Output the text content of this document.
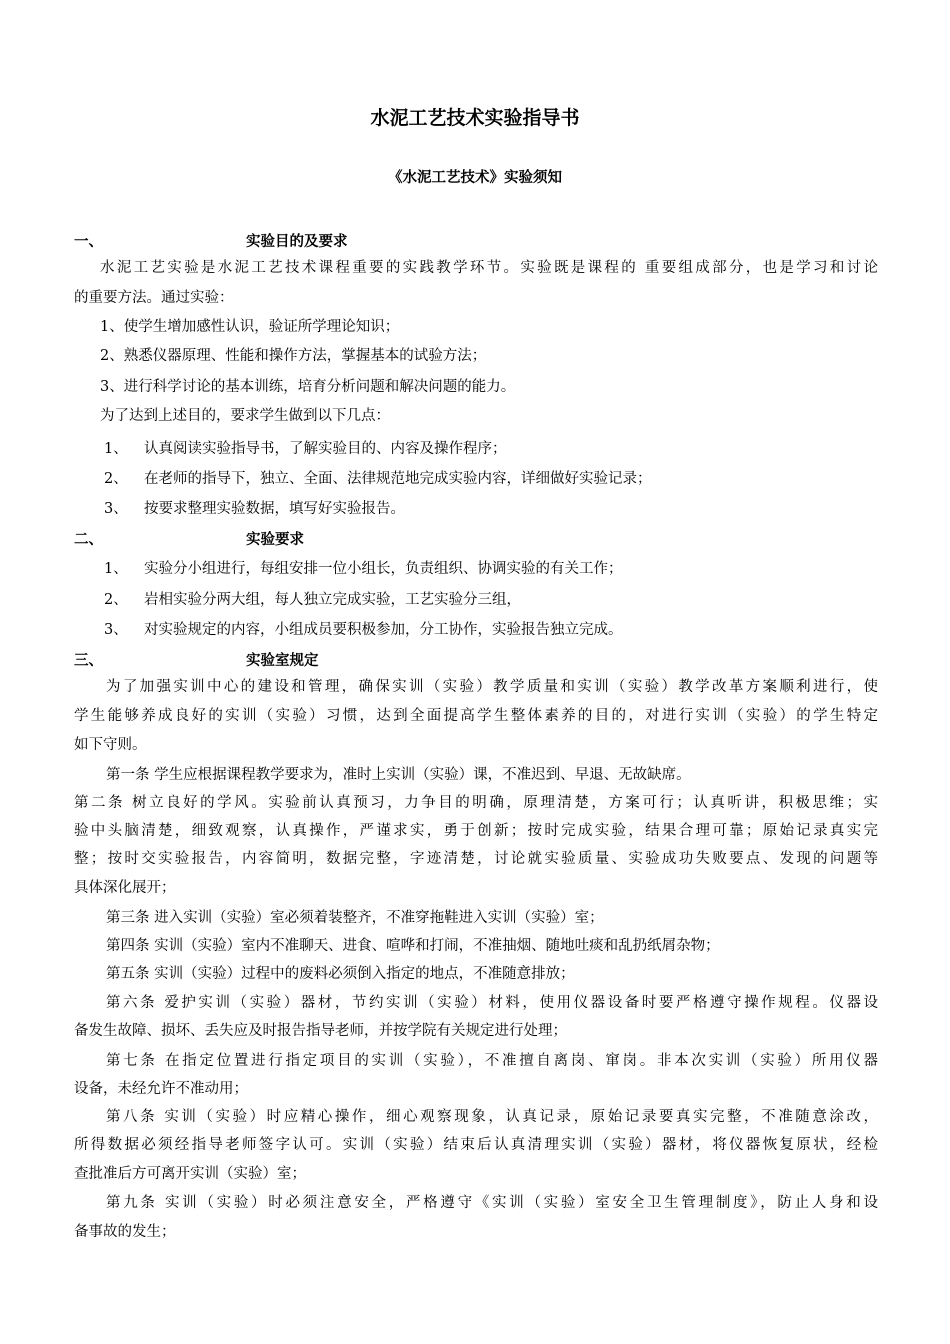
水泥工艺技术实验指导书
《水泥工艺技术》实验须知
一、	实验目的及要求
水泥工艺实验是水泥工艺技术课程重要的实践教学环节。实验既是课程的 重要组成部分，也是学习和讨论
的重要方法。通过实验：
1、使学生增加感性认识，验证所学理论知识；
2、熟悉仪器原理、性能和操作方法，掌握基本的试验方法；
3、进行科学讨论的基本训练，培育分析问题和解决问题的能力。
为了达到上述目的，要求学生做到以下几点：
1、 认真阅读实验指导书，了解实验目的、内容及操作程序；
2、 在老师的指导下，独立、全面、法律规范地完成实验内容，详细做好实验记录；
3、 按要求整理实验数据，填写好实验报告。
二、	实验要求
1、 实验分小组进行，每组安排一位小组长，负责组织、协调实验的有关工作；
2、 岩相实验分两大组，每人独立完成实验，工艺实验分三组，
3、 对实验规定的内容，小组成员要积极参加，分工协作，实验报告独立完成。
三、	实验室规定
为了加强实训中心的建设和管理，确保实训（实验）教学质量和实训（实验）教学改革方案顺利进行，使
学生能够养成良好的实训（实验）习惯，达到全面提高学生整体素养的目的，对进行实训（实验）的学生特定
如下守则。
第一条 学生应根据课程教学要求为，准时上实训（实验）课，不准迟到、早退、无故缺席。
第二条 树立良好的学风。实验前认真预习，力争目的明确，原理清楚，方案可行；认真听讲，积极思维；实
验中头脑清楚，细致观察，认真操作，严谨求实，勇于创新；按时完成实验，结果合理可靠；原始记录真实完
整；按时交实验报告，内容简明，数据完整，字迹清楚，讨论就实验质量、实验成功失败要点、发现的问题等
具体深化展开；
第三条 进入实训（实验）室必须着装整齐，不准穿拖鞋进入实训（实验）室；
第四条 实训（实验）室内不准聊天、进食、喧哗和打闹，不准抽烟、随地吐痰和乱扔纸屑杂物；
第五条 实训（实验）过程中的废料必须倒入指定的地点，不准随意排放；
第六条 爱护实训（实验）器材，节约实训（实验）材料，使用仪器设备时要严格遵守操作规程。仪器设
备发生故障、损坏、丢失应及时报告指导老师，并按学院有关规定进行处理；
第七条 在指定位置进行指定项目的实训（实验），不准擅自离岗、窜岗。非本次实训（实验）所用仪器
设备，未经允许不准动用；
第八条 实训（实验）时应精心操作，细心观察现象，认真记录，原始记录要真实完整，不准随意涂改，
所得数据必须经指导老师签字认可。实训（实验）结束后认真清理实训（实验）器材，将仪器恢复原状，经检
查批准后方可离开实训（实验）室；
第九条 实训（实验）时必须注意安全，严格遵守《实训（实验）室安全卫生管理制度》，防止人身和设
备事故的发生；
